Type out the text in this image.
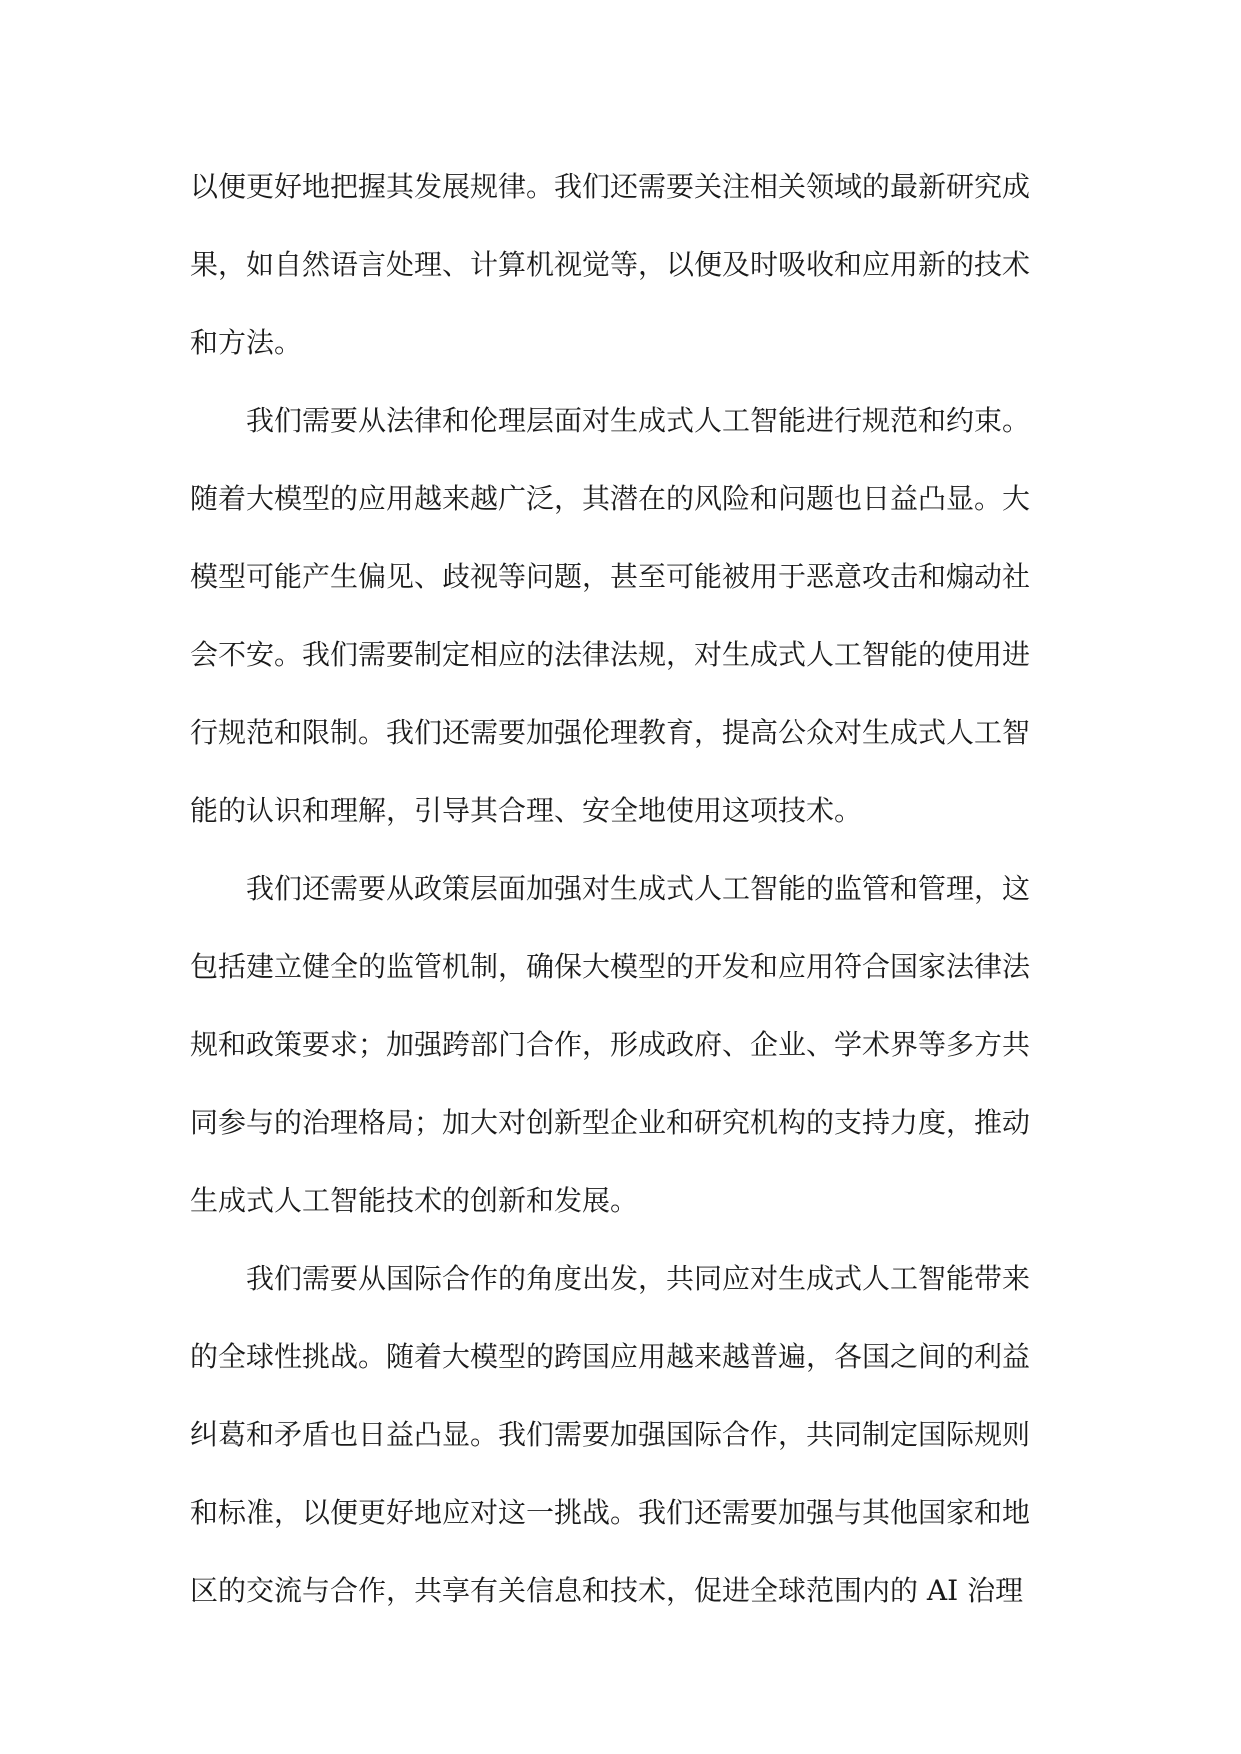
以便更好地把握其发展规律。我们还需要关注相关领域的最新研究成
果，如自然语言处理、计算机视觉等，以便及时吸收和应用新的技术
和方法。

我们需要从法律和伦理层面对生成式人工智能进行规范和约束。
随着大模型的应用越来越广泛，其潜在的风险和问题也日益凸显。大
模型可能产生偏见、歧视等问题，甚至可能被用于恶意攻击和煽动社
会不安。我们需要制定相应的法律法规，对生成式人工智能的使用进
行规范和限制。我们还需要加强伦理教育，提高公众对生成式人工智
能的认识和理解，引导其合理、安全地使用这项技术。

我们还需要从政策层面加强对生成式人工智能的监管和管理，这
包括建立健全的监管机制，确保大模型的开发和应用符合国家法律法
规和政策要求；加强跨部门合作，形成政府、企业、学术界等多方共
同参与的治理格局；加大对创新型企业和研究机构的支持力度，推动
生成式人工智能技术的创新和发展。

我们需要从国际合作的角度出发，共同应对生成式人工智能带来
的全球性挑战。随着大模型的跨国应用越来越普遍，各国之间的利益
纠葛和矛盾也日益凸显。我们需要加强国际合作，共同制定国际规则
和标准，以便更好地应对这一挑战。我们还需要加强与其他国家和地
区的交流与合作，共享有关信息和技术，促进全球范围内的 AI 治理
